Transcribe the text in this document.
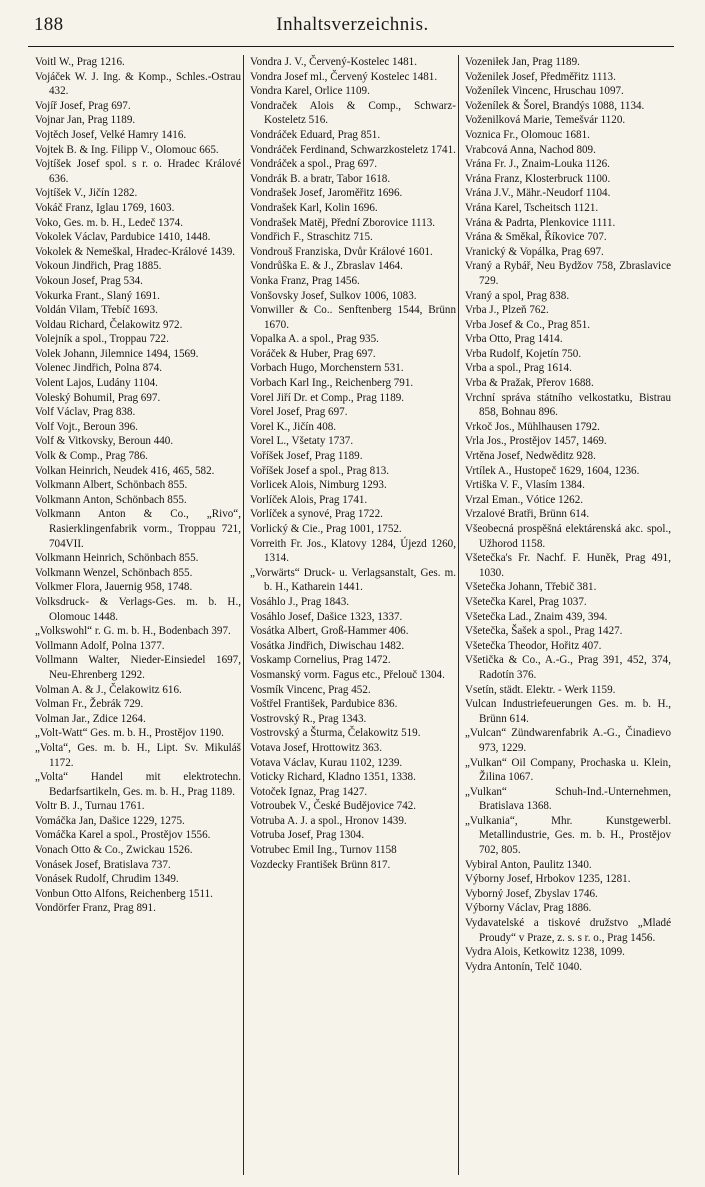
188	Inhaltsverzeichnis.

Voitl W., Prag 1216.

Vojáček W. J. Ing. & Komp., Schles.-Ostrau 432.

Vojíř Josef, Prag 697.

Vojnar Jan, Prag 1189.

Vojtěch Josef, Velké Hamry 1416.

Vojtek B. & Ing. Filipp V., Olomouc 665.

Vojtíšek Josef spol. s r. o. Hradec Králové 636.

Vojtíšek V., Jičín 1282.

Vokáč Franz, Iglau 1769, 1603.

Voko, Ges. m. b. H., Ledeč 1374.

Vokolek Václav, Pardubice 1410, 1448.

Vokolek & Nemeškal, Hradec-Králové 1439.

Vokoun Jindřich, Prag 1885.

Vokoun Josef, Prag 534.

Vokurka Frant., Slaný 1691.

Voldán Vilam, Třebíč 1693.

Voldau Richard, Čelakowitz 972.

Volejník a spol., Troppau 722.

Volek Johann, Jilemnice 1494, 1569.

Volenec Jindřich, Polna 874.

Volent Lajos, Ludány 1104.

Voleský Bohumil, Prag 697.

Volf Václav, Prag 838.

Volf Vojt., Beroun 396.

Volf & Vitkovsky, Beroun 440.

Volk & Comp., Prag 786.

Volkan Heinrich, Neudek 416, 465, 582.

Volkmann Albert, Schönbach 855.

Volkmann Anton, Schönbach 855.

Volkmann Anton & Co., „Rivo“, Rasierklingenfabrik vorm., Troppau 721, 704VII.

Volkmann Heinrich, Schönbach 855.

Volkmann Wenzel, Schönbach 855.

Volkmer Flora, Jauernig 958, 1748.

Volksdruck- & Verlags-Ges. m. b. H., Olomouc 1448.

„Volkswohl“ r. G. m. b. H., Bodenbach 397.

Vollmann Adolf, Polna 1377.

Vollmann Walter, Nieder-Einsiedel 1697, Neu-Ehrenberg 1292.

Volman A. & J., Čelakowitz 616.

Volman Fr., Žebrák 729.

Volman Jar., Zdice 1264.

„Volt-Watt“ Ges. m. b. H., Prostějov 1190.

„Volta“, Ges. m. b. H., Lipt. Sv. Mikuláš 1172.

„Volta“ Handel mit elektrotechn. Bedarfsartikeln, Ges. m. b. H., Prag 1189.

Voltr B. J., Turnau 1761.

Vomáčka Jan, Dašice 1229, 1275.

Vomáčka Karel a spol., Prostějov 1556.

Vonach Otto & Co., Zwickau 1526.

Vonásek Josef, Bratislava 737.

Vonásek Rudolf, Chrudim 1349.

Vonbun Otto Alfons, Reichenberg 1511.

Vondörfer Franz, Prag 891.

Vondra J. V., Červený-Kostelec 1481.

Vondra Josef ml., Červený Kostelec 1481.

Vondra Karel, Orlice 1109.

Vondraček Alois & Comp., Schwarz-Kosteletz 516.

Vondráček Eduard, Prag 851.

Vondráček Ferdinand, Schwarzkosteletz 1741.

Vondráček a spol., Prag 697.

Vondrák B. a bratr, Tabor 1618.

Vondrašek Josef, Jaroměřitz 1696.

Vondrašek Karl, Kolin 1696.

Vondrašek Matěj, Přední Zborovice 1113.

Vondřich F., Straschitz 715.

Vondrouš Franziska, Dvůr Králové 1601.

Vondrůška E. & J., Zbraslav 1464.

Vonka Franz, Prag 1456.

Vonšovsky Josef, Sulkov 1006, 1083.

Vonwiller & Co.. Senftenberg 1544, Brünn 1670.

Vopalka A. a spol., Prag 935.

Voráček & Huber, Prag 697.

Vorbach Hugo, Morchenstern 531.

Vorbach Karl Ing., Reichenberg 791.

Vorel Jiří Dr. et Comp., Prag 1189.

Vorel Josef, Prag 697.

Vorel K., Jičín 408.

Vorel L., Všetaty 1737.

Voříšek Josef, Prag 1189.

Voříšek Josef a spol., Prag 813.

Vorlicek Alois, Nimburg 1293.

Vorlíček Alois, Prag 1741.

Vorlíček a synové, Prag 1722.

Vorlický & Cie., Prag 1001, 1752.

Vorreith Fr. Jos., Klatovy 1284, Újezd 1260, 1314.

„Vorwärts“ Druck- u. Verlagsanstalt, Ges. m. b. H., Katharein 1441.

Vosáhlo J., Prag 1843.

Vosáhlo Josef, Dašice 1323, 1337.

Vosátka Albert, Groß-Hammer 406.

Vosátka Jindřich, Diwischau 1482.

Voskamp Cornelius, Prag 1472.

Vosmanský vorm. Fagus etc., Přelouč 1304.

Vosmík Vincenc, Prag 452.

Voštřel František, Pardubice 836.

Vostrovský R., Prag 1343.

Vostrovský a Šturma, Čelakowitz 519.

Votava Josef, Hrottowitz 363.

Votava Václav, Kurau 1102, 1239.

Voticky Richard, Kladno 1351, 1338.

Votoček Ignaz, Prag 1427.

Votroubek V., České Budějovice 742.

Votruba A. J. a spol., Hronov 1439.

Votruba Josef, Prag 1304.

Votrubec Emil Ing., Turnov 1158

Vozdecky František Brünn 817.

Vozeniłek Jan, Prag 1189.

Voženilek Josef, Předměřitz 1113.

Voženílek Vincenc, Hruschau 1097.

Voženílek & Šorel, Brandýs 1088, 1134.

Voženilková Marie, Temešvár 1120.

Voznica Fr., Olomouc 1681.

Vrabcová Anna, Nachod 809.

Vrána Fr. J., Znaim-Louka 1126.

Vrána Franz, Klosterbruck 1100.

Vrána J.V., Mähr.-Neudorf 1104.

Vrána Karel, Tscheitsch 1121.

Vrána & Padrta, Plenkovice 1111.

Vrána & Směkal, Říkovice 707.

Vranický & Vopálka, Prag 697.

Vraný a Rybář, Neu Bydžov 758, Zbraslavice 729.

Vraný a spol, Prag 838.

Vrba J., Plzeň 762.

Vrba Josef & Co., Prag 851.

Vrba Otto, Prag 1414.

Vrba Rudolf, Kojetín 750.

Vrba a spol., Prag 1614.

Vrba & Pražak, Přerov 1688.

Vrchní správa státního velkostatku, Bistrau 858, Bohnau 896.

Vrkoč Jos., Mühlhausen 1792.

Vrla Jos., Prostějov 1457, 1469.

Vrtěna Josef, Nedwěditz 928.

Vrtílek A., Hustopeč 1629, 1604, 1236.

Vrtiška V. F., Vlasím 1384.

Vrzal Eman., Vótice 1262.

Vrzalové Bratři, Brünn 614.

Všeobecná prospěšná elektárenská akc. spol., Užhorod 1158.

Všetečka's Fr. Nachf. F. Huněk, Prag 491, 1030.

Všetečka Johann, Třebič 381.

Všetečka Karel, Prag 1037.

Všetečka Lad., Znaim 439, 394.

Všetečka, Šašek a spol., Prag 1427.

Všetečka Theodor, Hořitz 407.

Všetička & Co., A.-G., Prag 391, 452, 374, Radotín 376.

Vsetín, städt. Elektr. - Werk 1159.

Vulcan Industriefeuerungen Ges. m. b. H., Brünn 614.

„Vulcan“ Zündwarenfabrik A.-G., Činadievo 973, 1229.

„Vulkan“ Oil Company, Prochaska u. Klein, Žilina 1067.

„Vulkan“ Schuh-Ind.-Unternehmen, Bratislava 1368.

„Vulkania“, Mhr. Kunstgewerbl. Metallindustrie, Ges. m. b. H., Prostějov 702, 805.

Vybiral Anton, Paulitz 1340.

Výborny Josef, Hrbokov 1235, 1281.

Vyborný Josef, Zbyslav 1746.

Výborny Václav, Prag 1886.

Vydavatelské a tiskové družstvo „Mladé Proudy“ v Praze, z. s. s r. o., Prag 1456.

Vydra Alois, Ketkowitz 1238, 1099.

Vydra Antonín, Telč 1040.
